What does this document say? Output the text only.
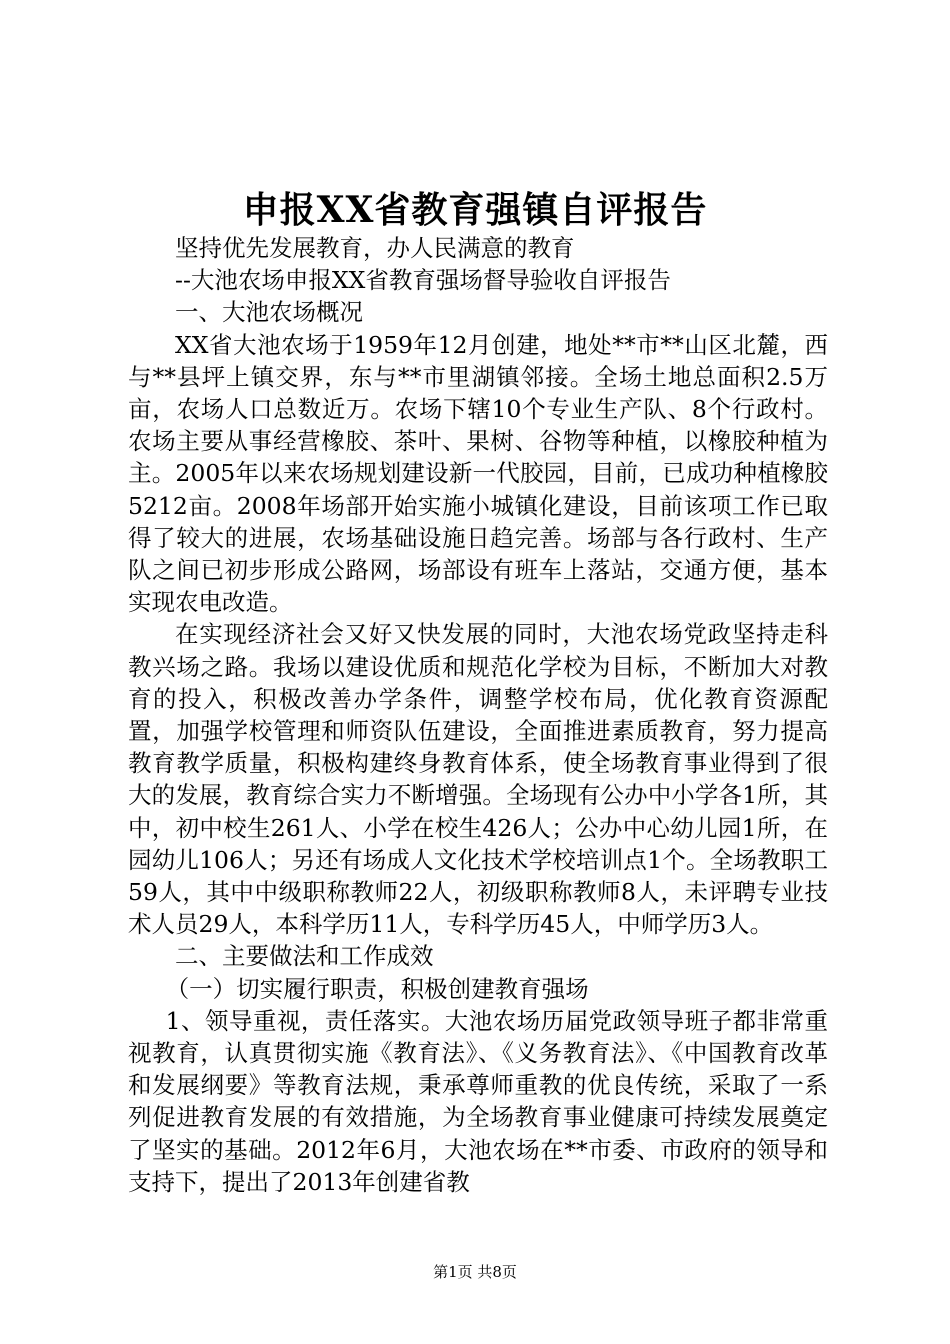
申报XX省教育强镇自评报告

坚持优先发展教育，办人民满意的教育

--大池农场申报XX省教育强场督导验收自评报告

一、大池农场概况

XX省大池农场于1959年12月创建，地处**市**山区北麓，西与**县坪上镇交界，东与**市里湖镇邻接。全场土地总面积2.5万亩，农场人口总数近万。农场下辖10个专业生产队、8个行政村。农场主要从事经营橡胶、茶叶、果树、谷物等种植，以橡胶种植为主。2005年以来农场规划建设新一代胶园，目前，已成功种植橡胶5212亩。2008年场部开始实施小城镇化建设，目前该项工作已取得了较大的进展，农场基础设施日趋完善。场部与各行政村、生产队之间已初步形成公路网，场部设有班车上落站，交通方便，基本实现农电改造。

在实现经济社会又好又快发展的同时，大池农场党政坚持走科教兴场之路。我场以建设优质和规范化学校为目标，不断加大对教育的投入，积极改善办学条件，调整学校布局，优化教育资源配置，加强学校管理和师资队伍建设，全面推进素质教育，努力提高教育教学质量，积极构建终身教育体系，使全场教育事业得到了很大的发展，教育综合实力不断增强。全场现有公办中小学各1所，其中，初中校生261人、小学在校生426人；公办中心幼儿园1所，在园幼儿106人；另还有场成人文化技术学校培训点1个。全场教职工59人，其中中级职称教师22人，初级职称教师8人，未评聘专业技术人员29人，本科学历11人，专科学历45人，中师学历3人。

二、主要做法和工作成效

（一）切实履行职责，积极创建教育强场

1、领导重视，责任落实。大池农场历届党政领导班子都非常重视教育，认真贯彻实施《教育法》、《义务教育法》、《中国教育改革和发展纲要》等教育法规，秉承尊师重教的优良传统，采取了一系列促进教育发展的有效措施，为全场教育事业健康可持续发展奠定了坚实的基础。2012年6月，大池农场在**市委、市政府的领导和支持下，提出了2013年创建省教

第1页 共8页
